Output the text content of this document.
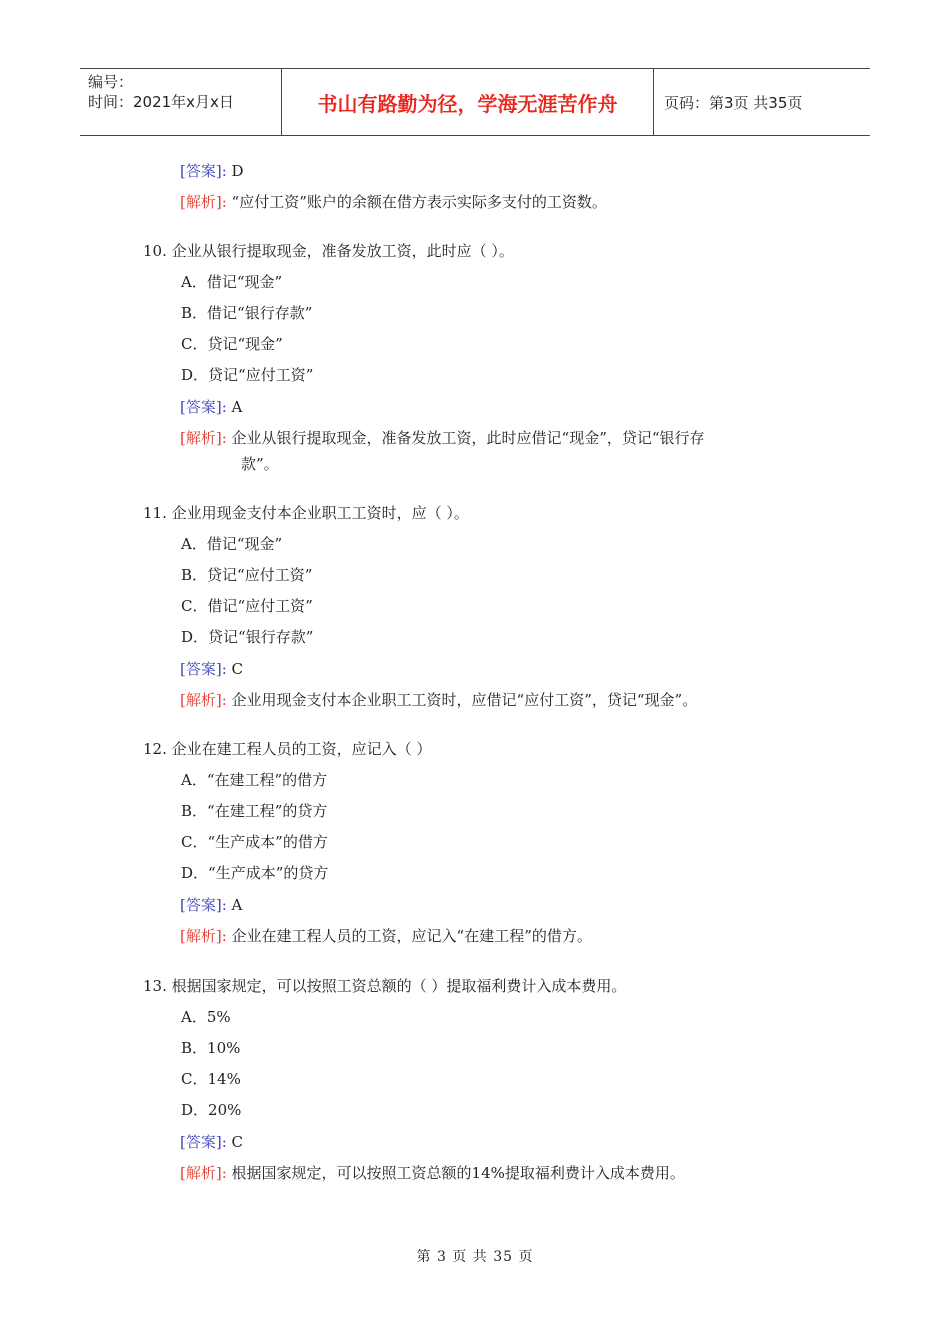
编号：
时间：2021年x月x日	书山有路勤为径，学海无涯苦作舟	页码：第3页 共35页
[答案]: D
[解析]: “应付工资”账户的余额在借方表示实际多支付的工资数。
10. 企业从银行提取现金，准备发放工资，此时应（ ）。
A．借记“现金”
B．借记“银行存款”
C．贷记“现金”
D．贷记“应付工资”
[答案]: A
[解析]: 企业从银行提取现金，准备发放工资，此时应借记“现金”，贷记“银行存
款”。
11. 企业用现金支付本企业职工工资时，应（ ）。
A．借记“现金”
B．贷记“应付工资”
C．借记“应付工资”
D．贷记“银行存款”
[答案]: C
[解析]: 企业用现金支付本企业职工工资时，应借记“应付工资”，贷记“现金”。
12. 企业在建工程人员的工资，应记入（ ）
A．“在建工程”的借方
B．“在建工程”的贷方
C．“生产成本”的借方
D．“生产成本”的贷方
[答案]: A
[解析]: 企业在建工程人员的工资，应记入“在建工程”的借方。
13. 根据国家规定，可以按照工资总额的（ ）提取福利费计入成本费用。
A．5%
B．10%
C．14%
D．20%
[答案]: C
[解析]: 根据国家规定，可以按照工资总额的14%提取福利费计入成本费用。
第 3 页 共 35 页
